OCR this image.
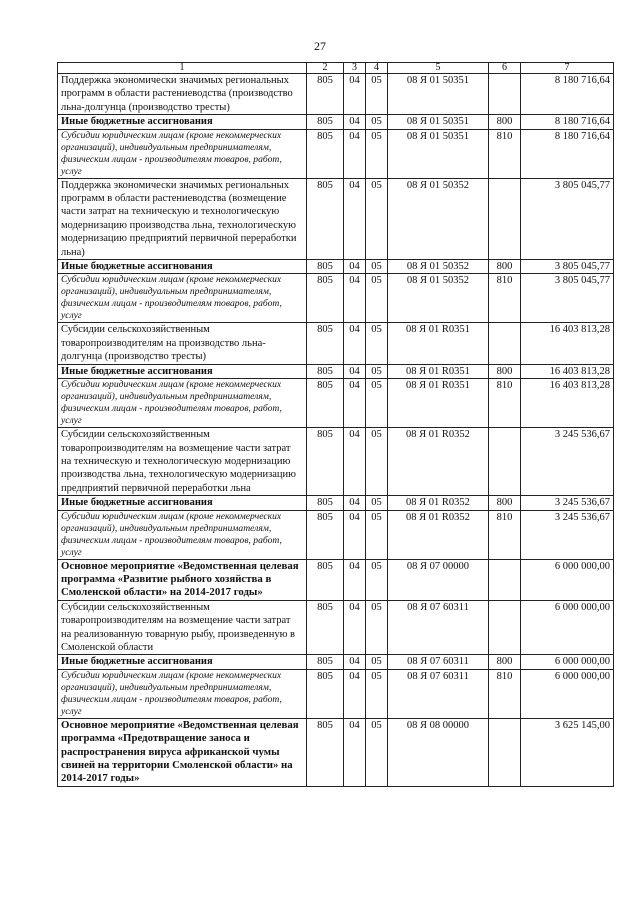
27
1	2	3	4	5	6	7
Поддержка экономически значимых региональных программ в области растениеводства (производство льна-долгунца (производство тресты)	805	04	05	08 Я 01 50351		8 180 716,64
Иные бюджетные ассигнования	805	04	05	08 Я 01 50351	800	8 180 716,64
Субсидии юридическим лицам (кроме некоммерческих организаций), индивидуальным предпринимателям, физическим лицам - производителям товаров, работ, услуг	805	04	05	08 Я 01 50351	810	8 180 716,64
Поддержка экономически значимых региональных программ в области растениеводства (возмещение части затрат на техническую и технологическую модернизацию производства льна, технологическую модернизацию предприятий первичной переработки льна)	805	04	05	08 Я 01 50352		3 805 045,77
Иные бюджетные ассигнования	805	04	05	08 Я 01 50352	800	3 805 045,77
Субсидии юридическим лицам (кроме некоммерческих организаций), индивидуальным предпринимателям, физическим лицам - производителям товаров, работ, услуг	805	04	05	08 Я 01 50352	810	3 805 045,77
Субсидии сельскохозяйственным товаропроизводителям на производство льна-долгунца (производство тресты)	805	04	05	08 Я 01 R0351		16 403 813,28
Иные бюджетные ассигнования	805	04	05	08 Я 01 R0351	800	16 403 813,28
Субсидии юридическим лицам (кроме некоммерческих организаций), индивидуальным предпринимателям, физическим лицам - производителям товаров, работ, услуг	805	04	05	08 Я 01 R0351	810	16 403 813,28
Субсидии сельскохозяйственным товаропроизводителям на возмещение части затрат на техническую и технологическую модернизацию производства льна, технологическую модернизацию предприятий первичной переработки льна	805	04	05	08 Я 01 R0352		3 245 536,67
Иные бюджетные ассигнования	805	04	05	08 Я 01 R0352	800	3 245 536,67
Субсидии юридическим лицам (кроме некоммерческих организаций), индивидуальным предпринимателям, физическим лицам - производителям товаров, работ, услуг	805	04	05	08 Я 01 R0352	810	3 245 536,67
Основное мероприятие «Ведомственная целевая программа «Развитие рыбного хозяйства в Смоленской области» на 2014-2017 годы»	805	04	05	08 Я 07 00000		6 000 000,00
Субсидии сельскохозяйственным товаропроизводителям на возмещение части затрат на реализованную товарную рыбу, произведенную в Смоленской области	805	04	05	08 Я 07 60311		6 000 000,00
Иные бюджетные ассигнования	805	04	05	08 Я 07 60311	800	6 000 000,00
Субсидии юридическим лицам (кроме некоммерческих организаций), индивидуальным предпринимателям, физическим лицам - производителям товаров, работ, услуг	805	04	05	08 Я 07 60311	810	6 000 000,00
Основное мероприятие «Ведомственная целевая программа «Предотвращение заноса и распространения вируса африканской чумы свиней на территории Смоленской области» на 2014-2017 годы»	805	04	05	08 Я 08 00000		3 625 145,00
